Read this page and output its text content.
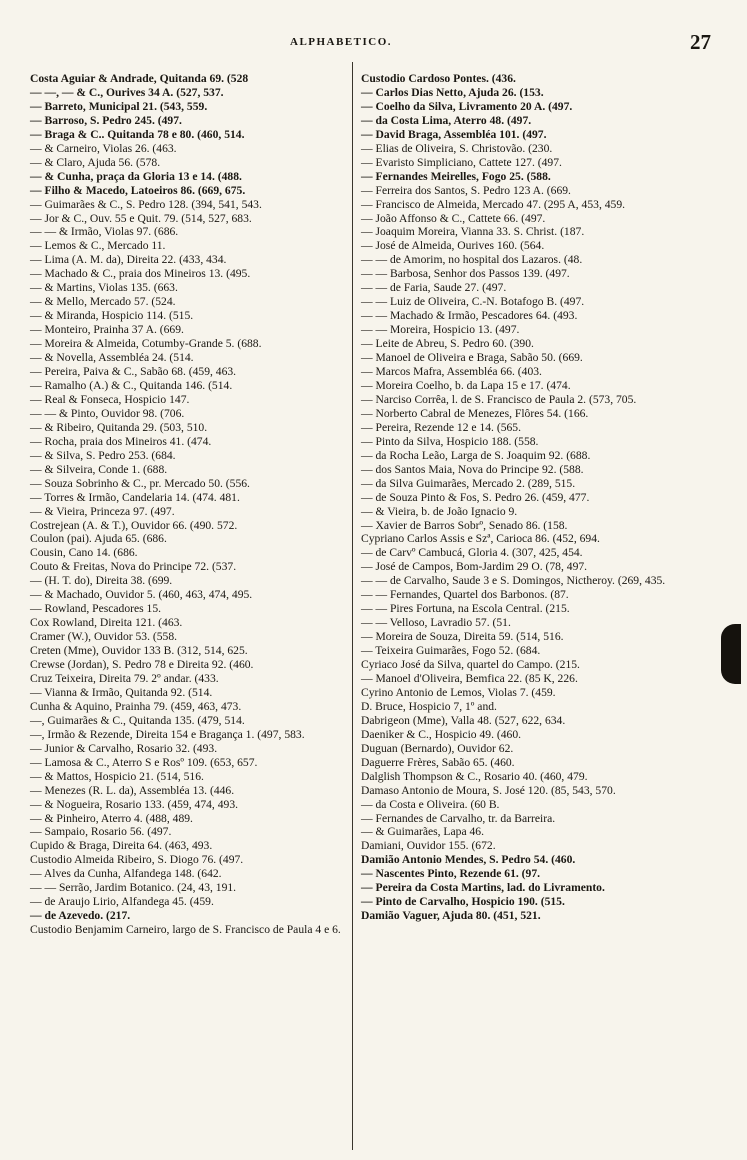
ALPHABETICO.	27
Costa Aguiar & Andrade, Quitanda 69. (528
— —, — & C., Ourives 34 A. (527, 537.
— Barreto, Municipal 21. (543, 559.
— Barroso, S. Pedro 245. (497.
— Braga & C.. Quitanda 78 e 80. (460, 514.
— & Carneiro, Violas 26. (463.
— & Claro, Ajuda 56. (578.
— & Cunha, praça da Gloria 13 e 14. (488.
— Filho & Macedo, Latoeiros 86. (669, 675.
— Guimarães & C., S. Pedro 128. (394, 541, 543.
— Jor & C., Ouv. 55 e Quit. 79. (514, 527, 683.
— — & Irmão, Violas 97. (686.
— Lemos & C., Mercado 11.
— Lima (A. M. da), Direita 22. (433, 434.
— Machado & C., praia dos Mineiros 13. (495.
— & Martins, Violas 135. (663.
— & Mello, Mercado 57. (524.
— & Miranda, Hospicio 114. (515.
— Monteiro, Prainha 37 A. (669.
— Moreira & Almeida, Cotumby-Grande 5. (688.
— & Novella, Assembléa 24. (514.
— Pereira, Paiva & C., Sabão 68. (459, 463.
— Ramalho (A.) & C., Quitanda 146. (514.
— Real & Fonseca, Hospicio 147.
— — & Pinto, Ouvidor 98. (706.
— & Ribeiro, Quitanda 29. (503, 510.
— Rocha, praia dos Mineiros 41. (474.
— & Silva, S. Pedro 253. (684.
— & Silveira, Conde 1. (688.
— Souza Sobrinho & C., pr. Mercado 50. (556.
— Torres & Irmão, Candelaria 14. (474. 481.
— & Vieira, Princeza 97. (497.
Costrejean (A. & T.), Ouvidor 66. (490. 572.
Coulon (pai). Ajuda 65. (686.
Cousin, Cano 14. (686.
Couto & Freitas, Nova do Principe 72. (537.
— (H. T. do), Direita 38. (699.
— & Machado, Ouvidor 5. (460, 463, 474, 495.
— Rowland, Pescadores 15.
Cox Rowland, Direita 121. (463.
Cramer (W.), Ouvidor 53. (558.
Creten (Mme), Ouvidor 133 B. (312, 514, 625.
Crewse (Jordan), S. Pedro 78 e Direita 92. (460.
Cruz Teixeira, Direita 79. 2º andar. (433.
— Vianna & Irmão, Quitanda 92. (514.
Cunha & Aquino, Prainha 79. (459, 463, 473.
—, Guimarães & C., Quitanda 135. (479, 514.
—, Irmão & Rezende, Direita 154 e Bragança 1. (497, 583.
— Junior & Carvalho, Rosario 32. (493.
— Lamosa & C., Aterro S e Rosº 109. (653, 657.
— & Mattos, Hospicio 21. (514, 516.
— Menezes (R. L. da), Assembléa 13. (446.
— & Nogueira, Rosario 133. (459, 474, 493.
— & Pinheiro, Aterro 4. (488, 489.
— Sampaio, Rosario 56. (497.
Cupido & Braga, Direita 64. (463, 493.
Custodio Almeida Ribeiro, S. Diogo 76. (497.
— Alves da Cunha, Alfandega 148. (642.
— — Serrão, Jardim Botanico. (24, 43, 191.
— de Araujo Lirio, Alfandega 45. (459.
— de Azevedo. (217.
Custodio Benjamim Carneiro, largo de S. Francisco de Paula 4 e 6.
Custodio Cardoso Pontes. (436.
— Carlos Dias Netto, Ajuda 26. (153.
— Coelho da Silva, Livramento 20 A. (497.
— da Costa Lima, Aterro 48. (497.
— David Braga, Assembléa 101. (497.
— Elias de Oliveira, S. Christovão. (230.
— Evaristo Simpliciano, Cattete 127. (497.
— Fernandes Meirelles, Fogo 25. (588.
— Ferreira dos Santos, S. Pedro 123 A. (669.
— Francisco de Almeida, Mercado 47. (295 A, 453, 459.
— João Affonso & C., Cattete 66. (497.
— Joaquim Moreira, Vianna 33. S. Christ. (187.
— José de Almeida, Ourives 160. (564.
— — de Amorim, no hospital dos Lazaros. (48.
— — Barbosa, Senhor dos Passos 139. (497.
— — de Faria, Saude 27. (497.
— — Luiz de Oliveira, C.-N. Botafogo B. (497.
— — Machado & Irmão, Pescadores 64. (493.
— — Moreira, Hospicio 13. (497.
— Leite de Abreu, S. Pedro 60. (390.
— Manoel de Oliveira e Braga, Sabão 50. (669.
— Marcos Mafra, Assembléa 66. (403.
— Moreira Coelho, b. da Lapa 15 e 17. (474.
— Narciso Corrêa, l. de S. Francisco de Paula 2. (573, 705.
— Norberto Cabral de Menezes, Flôres 54. (166.
— Pereira, Rezende 12 e 14. (565.
— Pinto da Silva, Hospicio 188. (558.
— da Rocha Leão, Larga de S. Joaquim 92. (688.
— dos Santos Maia, Nova do Principe 92. (588.
— da Silva Guimarães, Mercado 2. (289, 515.
— de Souza Pinto & Fos, S. Pedro 26. (459, 477.
— & Vieira, b. de João Ignacio 9.
— Xavier de Barros Sobrº, Senado 86. (158.
Cypriano Carlos Assis e Szª, Carioca 86. (452, 694.
— de Carvº Cambucá, Gloria 4. (307, 425, 454.
— José de Campos, Bom-Jardim 29 O. (78, 497.
— — de Carvalho, Saude 3 e S. Domingos, Nictheroy. (269, 435.
— — Fernandes, Quartel dos Barbonos. (87.
— — Pires Fortuna, na Escola Central. (215.
— — Velloso, Lavradio 57. (51.
— Moreira de Souza, Direita 59. (514, 516.
— Teixeira Guimarães, Fogo 52. (684.
Cyriaco José da Silva, quartel do Campo. (215.
— Manoel d'Oliveira, Bemfica 22. (85 K, 226.
Cyrino Antonio de Lemos, Violas 7. (459.
D. Bruce, Hospicio 7, 1º and.
Dabrigeon (Mme), Valla 48. (527, 622, 634.
Daeniker & C., Hospicio 49. (460.
Duguan (Bernardo), Ouvidor 62.
Daguerre Frères, Sabão 65. (460.
Dalglish Thompson & C., Rosario 40. (460, 479.
Damaso Antonio de Moura, S. José 120. (85, 543, 570.
— da Costa e Oliveira. (60 B.
— Fernandes de Carvalho, tr. da Barreira.
— & Guimarães, Lapa 46.
Damiani, Ouvidor 155. (672.
Damião Antonio Mendes, S. Pedro 54. (460.
— Nascentes Pinto, Rezende 61. (97.
— Pereira da Costa Martins, lad. do Livramento.
— Pinto de Carvalho, Hospicio 190. (515.
Damião Vaguer, Ajuda 80. (451, 521.
